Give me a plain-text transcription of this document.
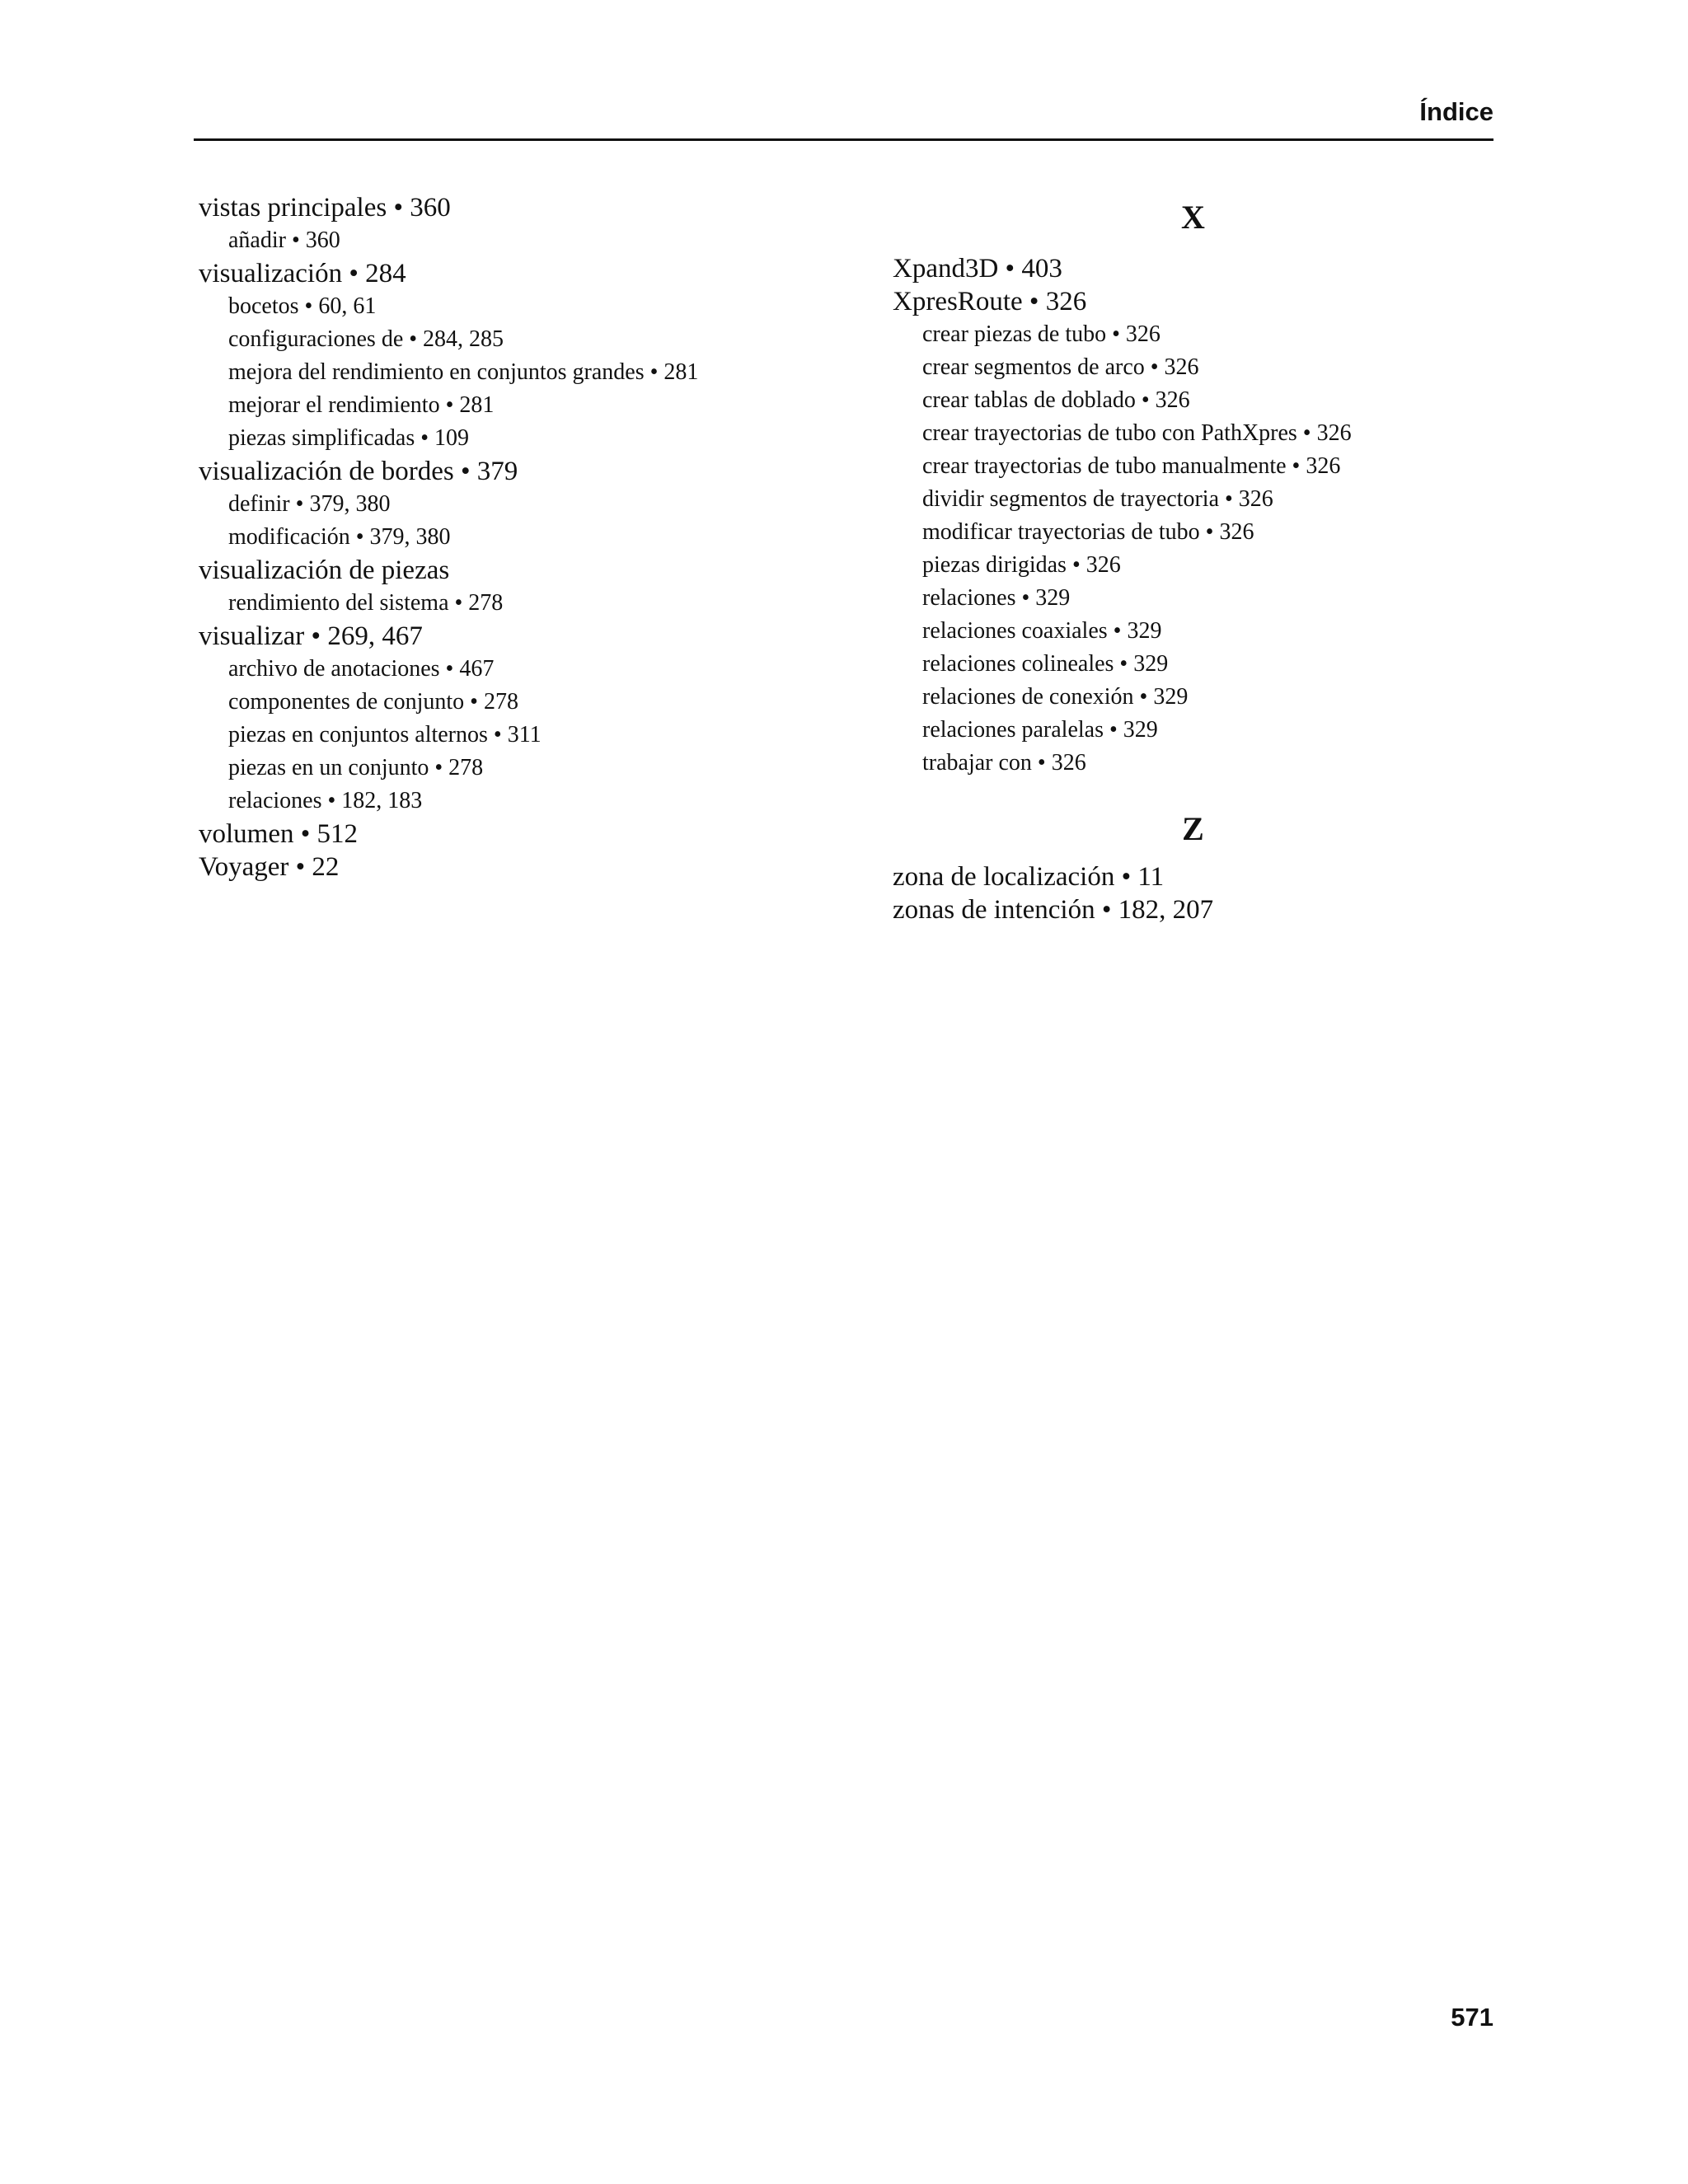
Índice
vistas principales • 360
añadir • 360
visualización • 284
bocetos • 60, 61
configuraciones de • 284, 285
mejora del rendimiento en conjuntos grandes • 281
mejorar el rendimiento • 281
piezas simplificadas • 109
visualización de bordes • 379
definir • 379, 380
modificación • 379, 380
visualización de piezas
rendimiento del sistema • 278
visualizar • 269, 467
archivo de anotaciones • 467
componentes de conjunto • 278
piezas en conjuntos alternos • 311
piezas en un conjunto • 278
relaciones • 182, 183
volumen • 512
Voyager • 22
X
Xpand3D • 403
XpresRoute • 326
crear piezas de tubo • 326
crear segmentos de arco • 326
crear tablas de doblado • 326
crear trayectorias de tubo con PathXpres • 326
crear trayectorias de tubo manualmente • 326
dividir segmentos de trayectoria • 326
modificar trayectorias de tubo • 326
piezas dirigidas • 326
relaciones • 329
relaciones coaxiales • 329
relaciones colineales • 329
relaciones de conexión • 329
relaciones paralelas • 329
trabajar con • 326
Z
zona de localización • 11
zonas de intención • 182, 207
571
